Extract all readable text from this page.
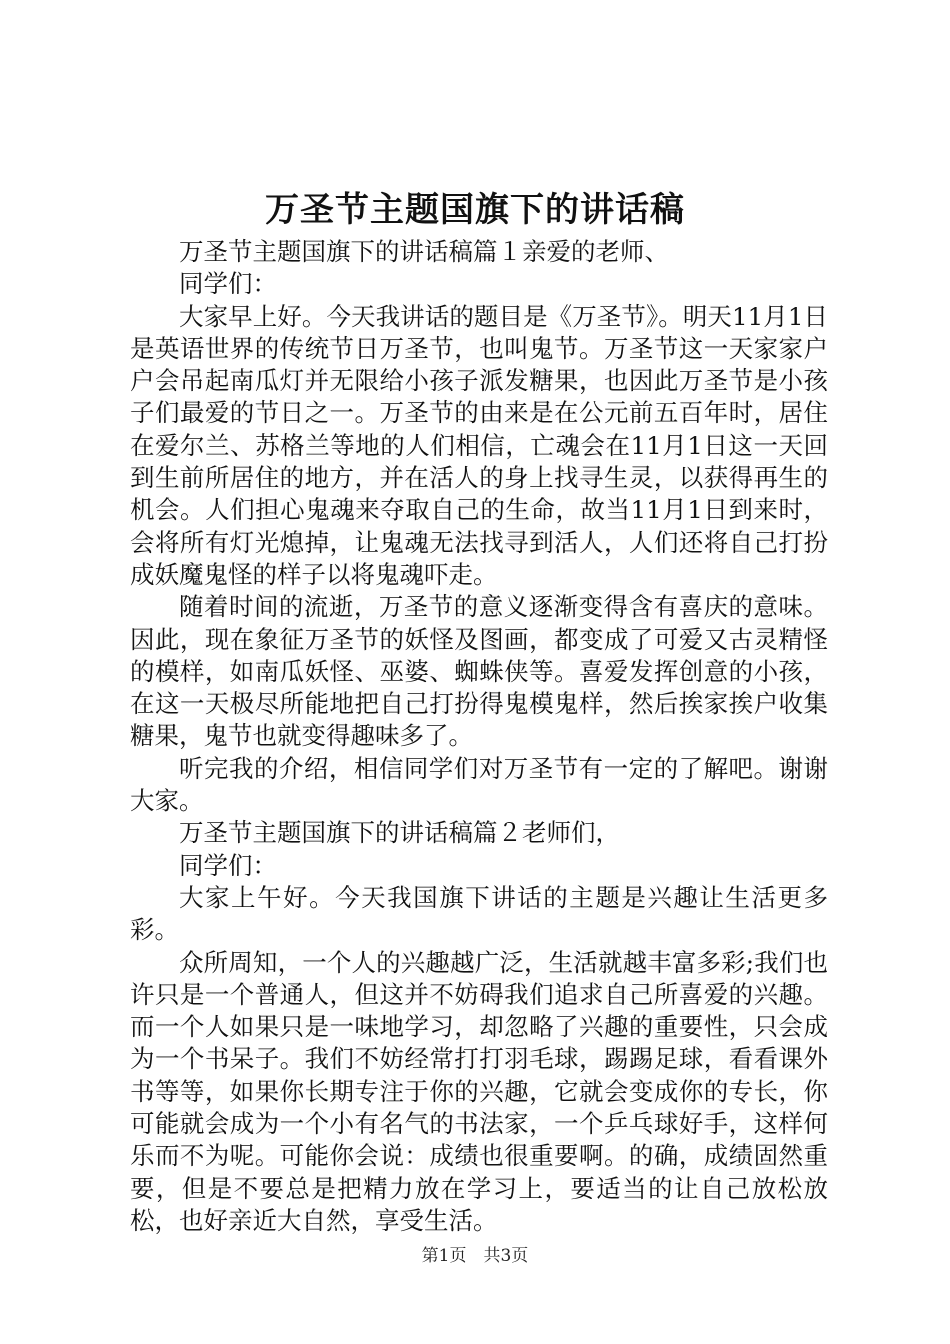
万圣节主题国旗下的讲话稿

万圣节主题国旗下的讲话稿篇１亲爱的老师、

同学们：

大家早上好。今天我讲话的题目是《万圣节》。明天11月1日是英语世界的传统节日万圣节，也叫鬼节。万圣节这一天家家户户会吊起南瓜灯并无限给小孩子派发糖果，也因此万圣节是小孩子们最爱的节日之一。万圣节的由来是在公元前五百年时，居住在爱尔兰、苏格兰等地的人们相信，亡魂会在11月1日这一天回到生前所居住的地方，并在活人的身上找寻生灵，以获得再生的机会。人们担心鬼魂来夺取自己的生命，故当11月1日到来时，会将所有灯光熄掉，让鬼魂无法找寻到活人，人们还将自己打扮成妖魔鬼怪的样子以将鬼魂吓走。

随着时间的流逝，万圣节的意义逐渐变得含有喜庆的意味。因此，现在象征万圣节的妖怪及图画，都变成了可爱又古灵精怪的模样，如南瓜妖怪、巫婆、蜘蛛侠等。喜爱发挥创意的小孩，在这一天极尽所能地把自己打扮得鬼模鬼样，然后挨家挨户收集糖果，鬼节也就变得趣味多了。

听完我的介绍，相信同学们对万圣节有一定的了解吧。谢谢大家。

万圣节主题国旗下的讲话稿篇２老师们，

同学们：

大家上午好。今天我国旗下讲话的主题是兴趣让生活更多彩。

众所周知，一个人的兴趣越广泛，生活就越丰富多彩;我们也许只是一个普通人，但这并不妨碍我们追求自己所喜爱的兴趣。而一个人如果只是一味地学习，却忽略了兴趣的重要性，只会成为一个书呆子。我们不妨经常打打羽毛球，踢踢足球，看看课外书等等，如果你长期专注于你的兴趣，它就会变成你的专长，你可能就会成为一个小有名气的书法家，一个乒乓球好手，这样何乐而不为呢。可能你会说：成绩也很重要啊。的确，成绩固然重要，但是不要总是把精力放在学习上，要适当的让自己放松放松，也好亲近大自然，享受生活。

第1页　共3页
